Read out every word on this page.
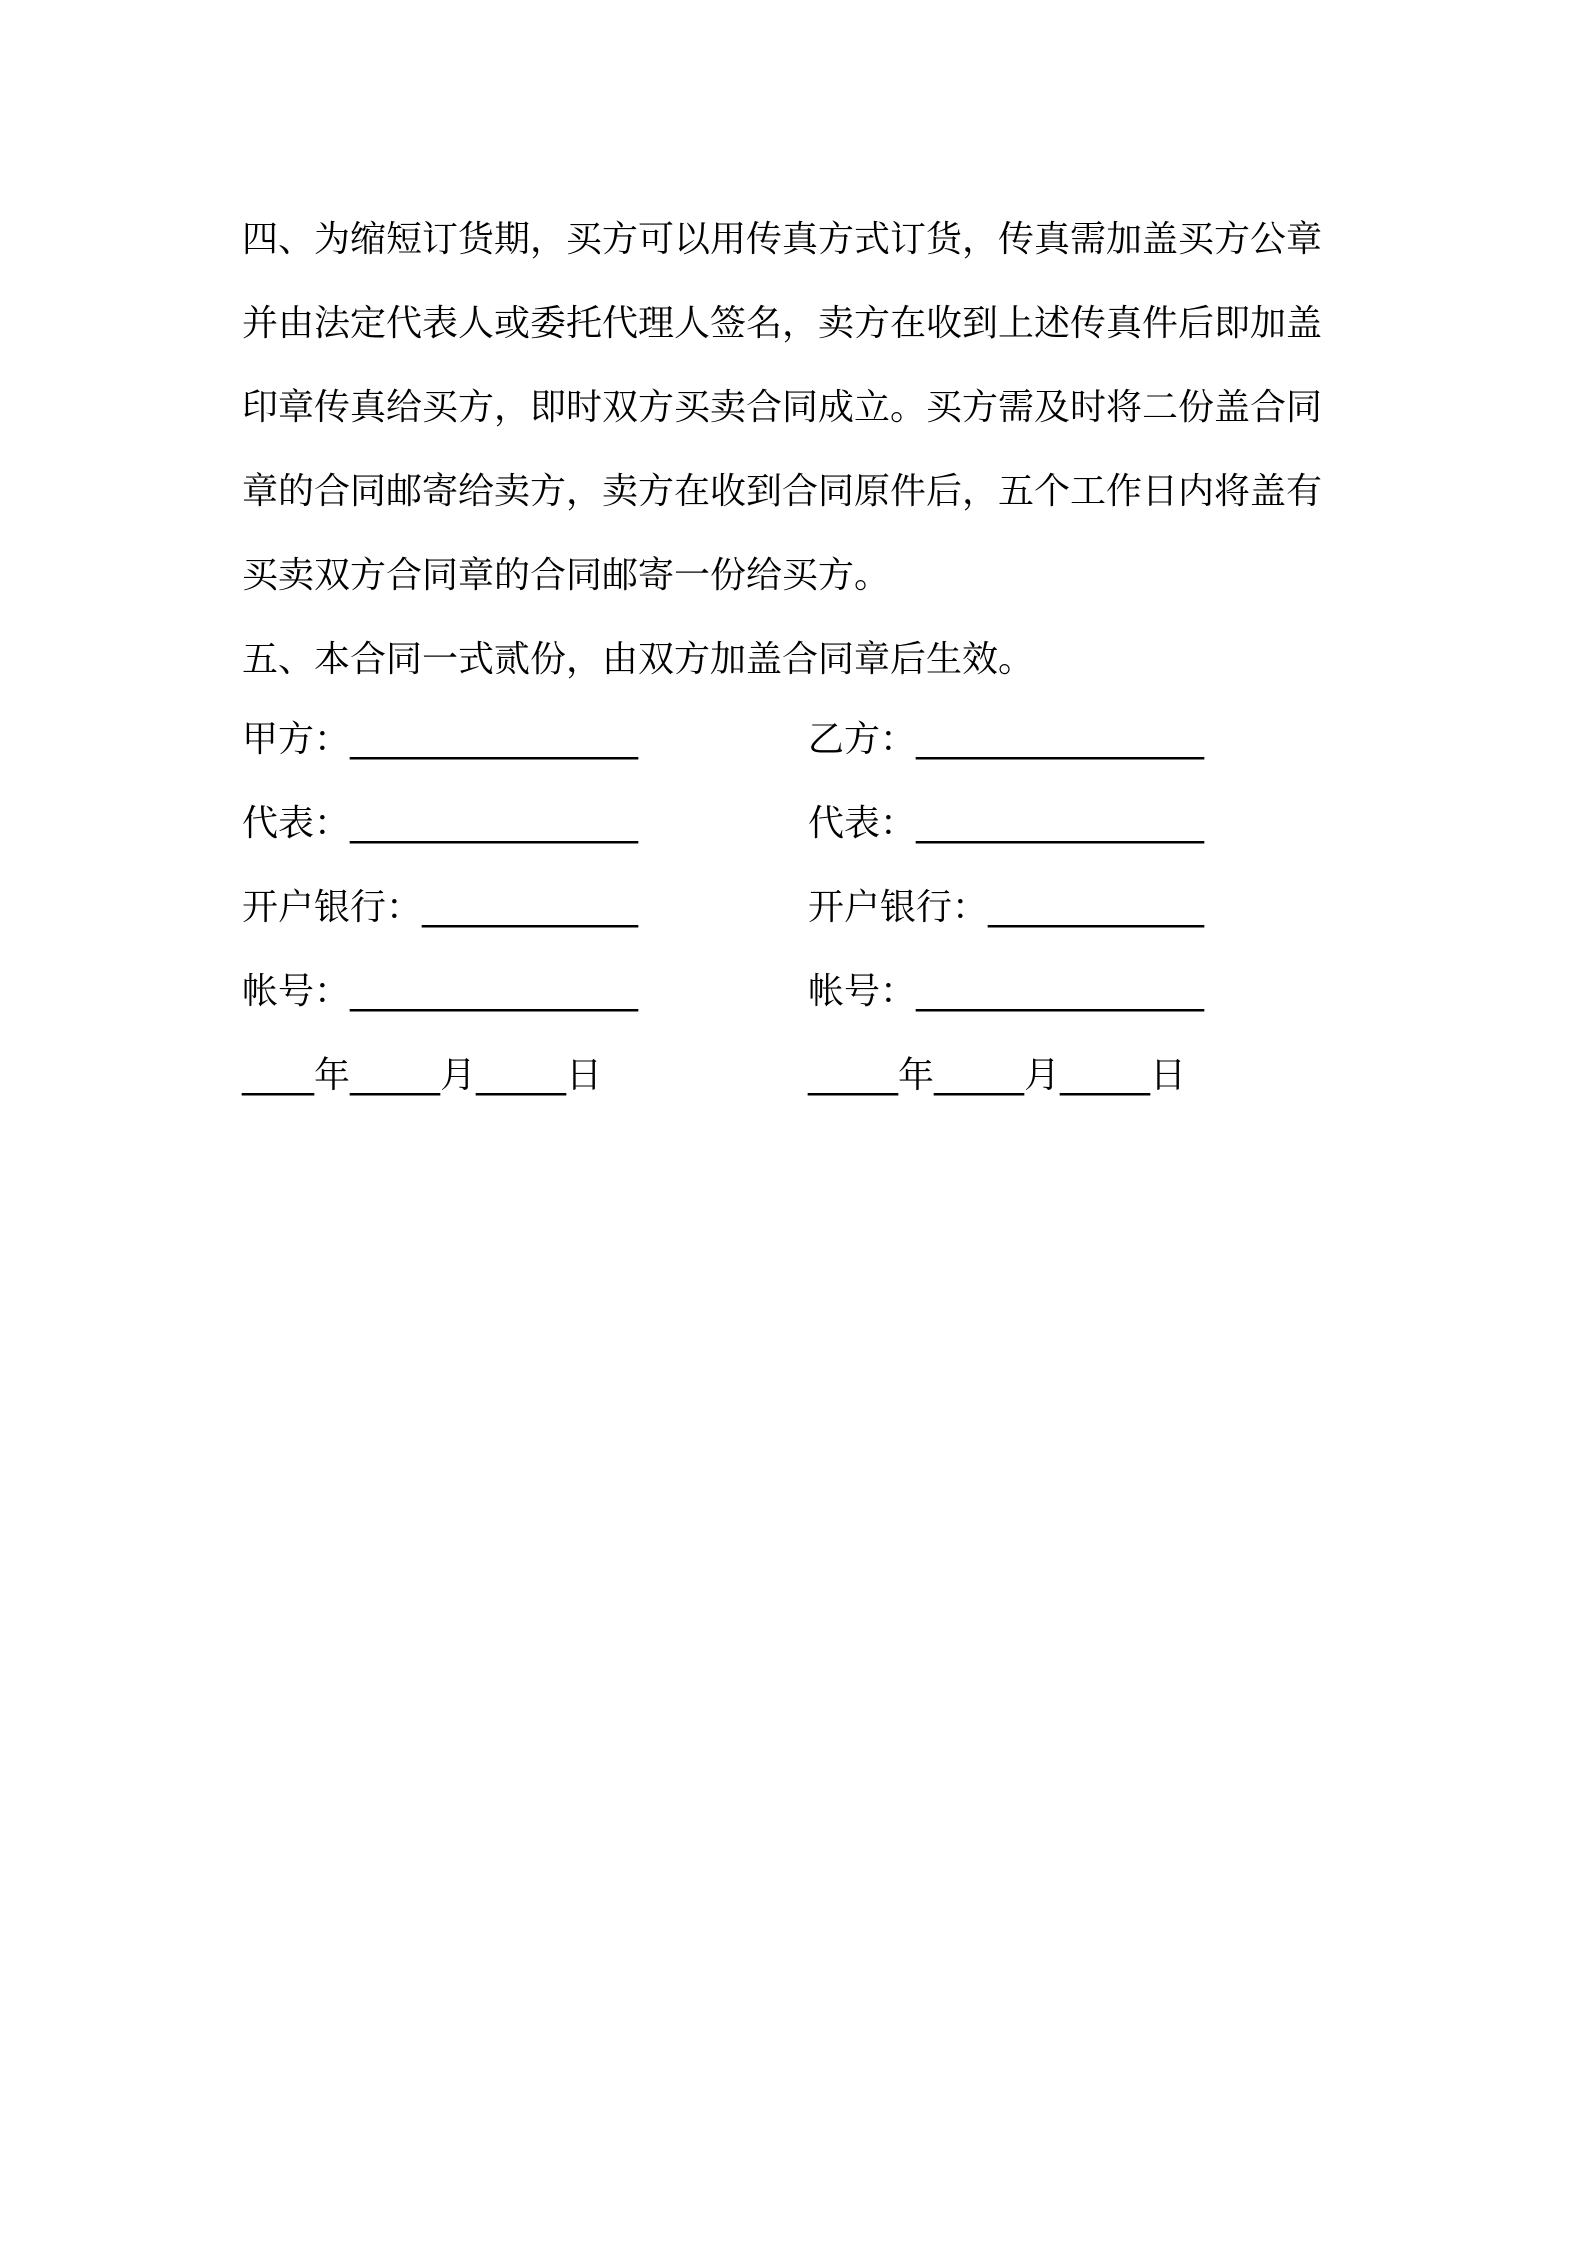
四、为缩短订货期，买方可以用传真方式订货，传真需加盖买方公章
并由法定代表人或委托代理人签名，卖方在收到上述传真件后即加盖
印章传真给买方，即时双方买卖合同成立。买方需及时将二份盖合同
章的合同邮寄给卖方，卖方在收到合同原件后，五个工作日内将盖有
买卖双方合同章的合同邮寄一份给买方。
五、本合同一式贰份，由双方加盖合同章后生效。
甲方：________________	乙方：________________
代表：________________	代表：________________
开户银行：____________	开户银行：____________
帐号：________________	帐号：________________
____年_____月_____日	_____年_____月_____日
